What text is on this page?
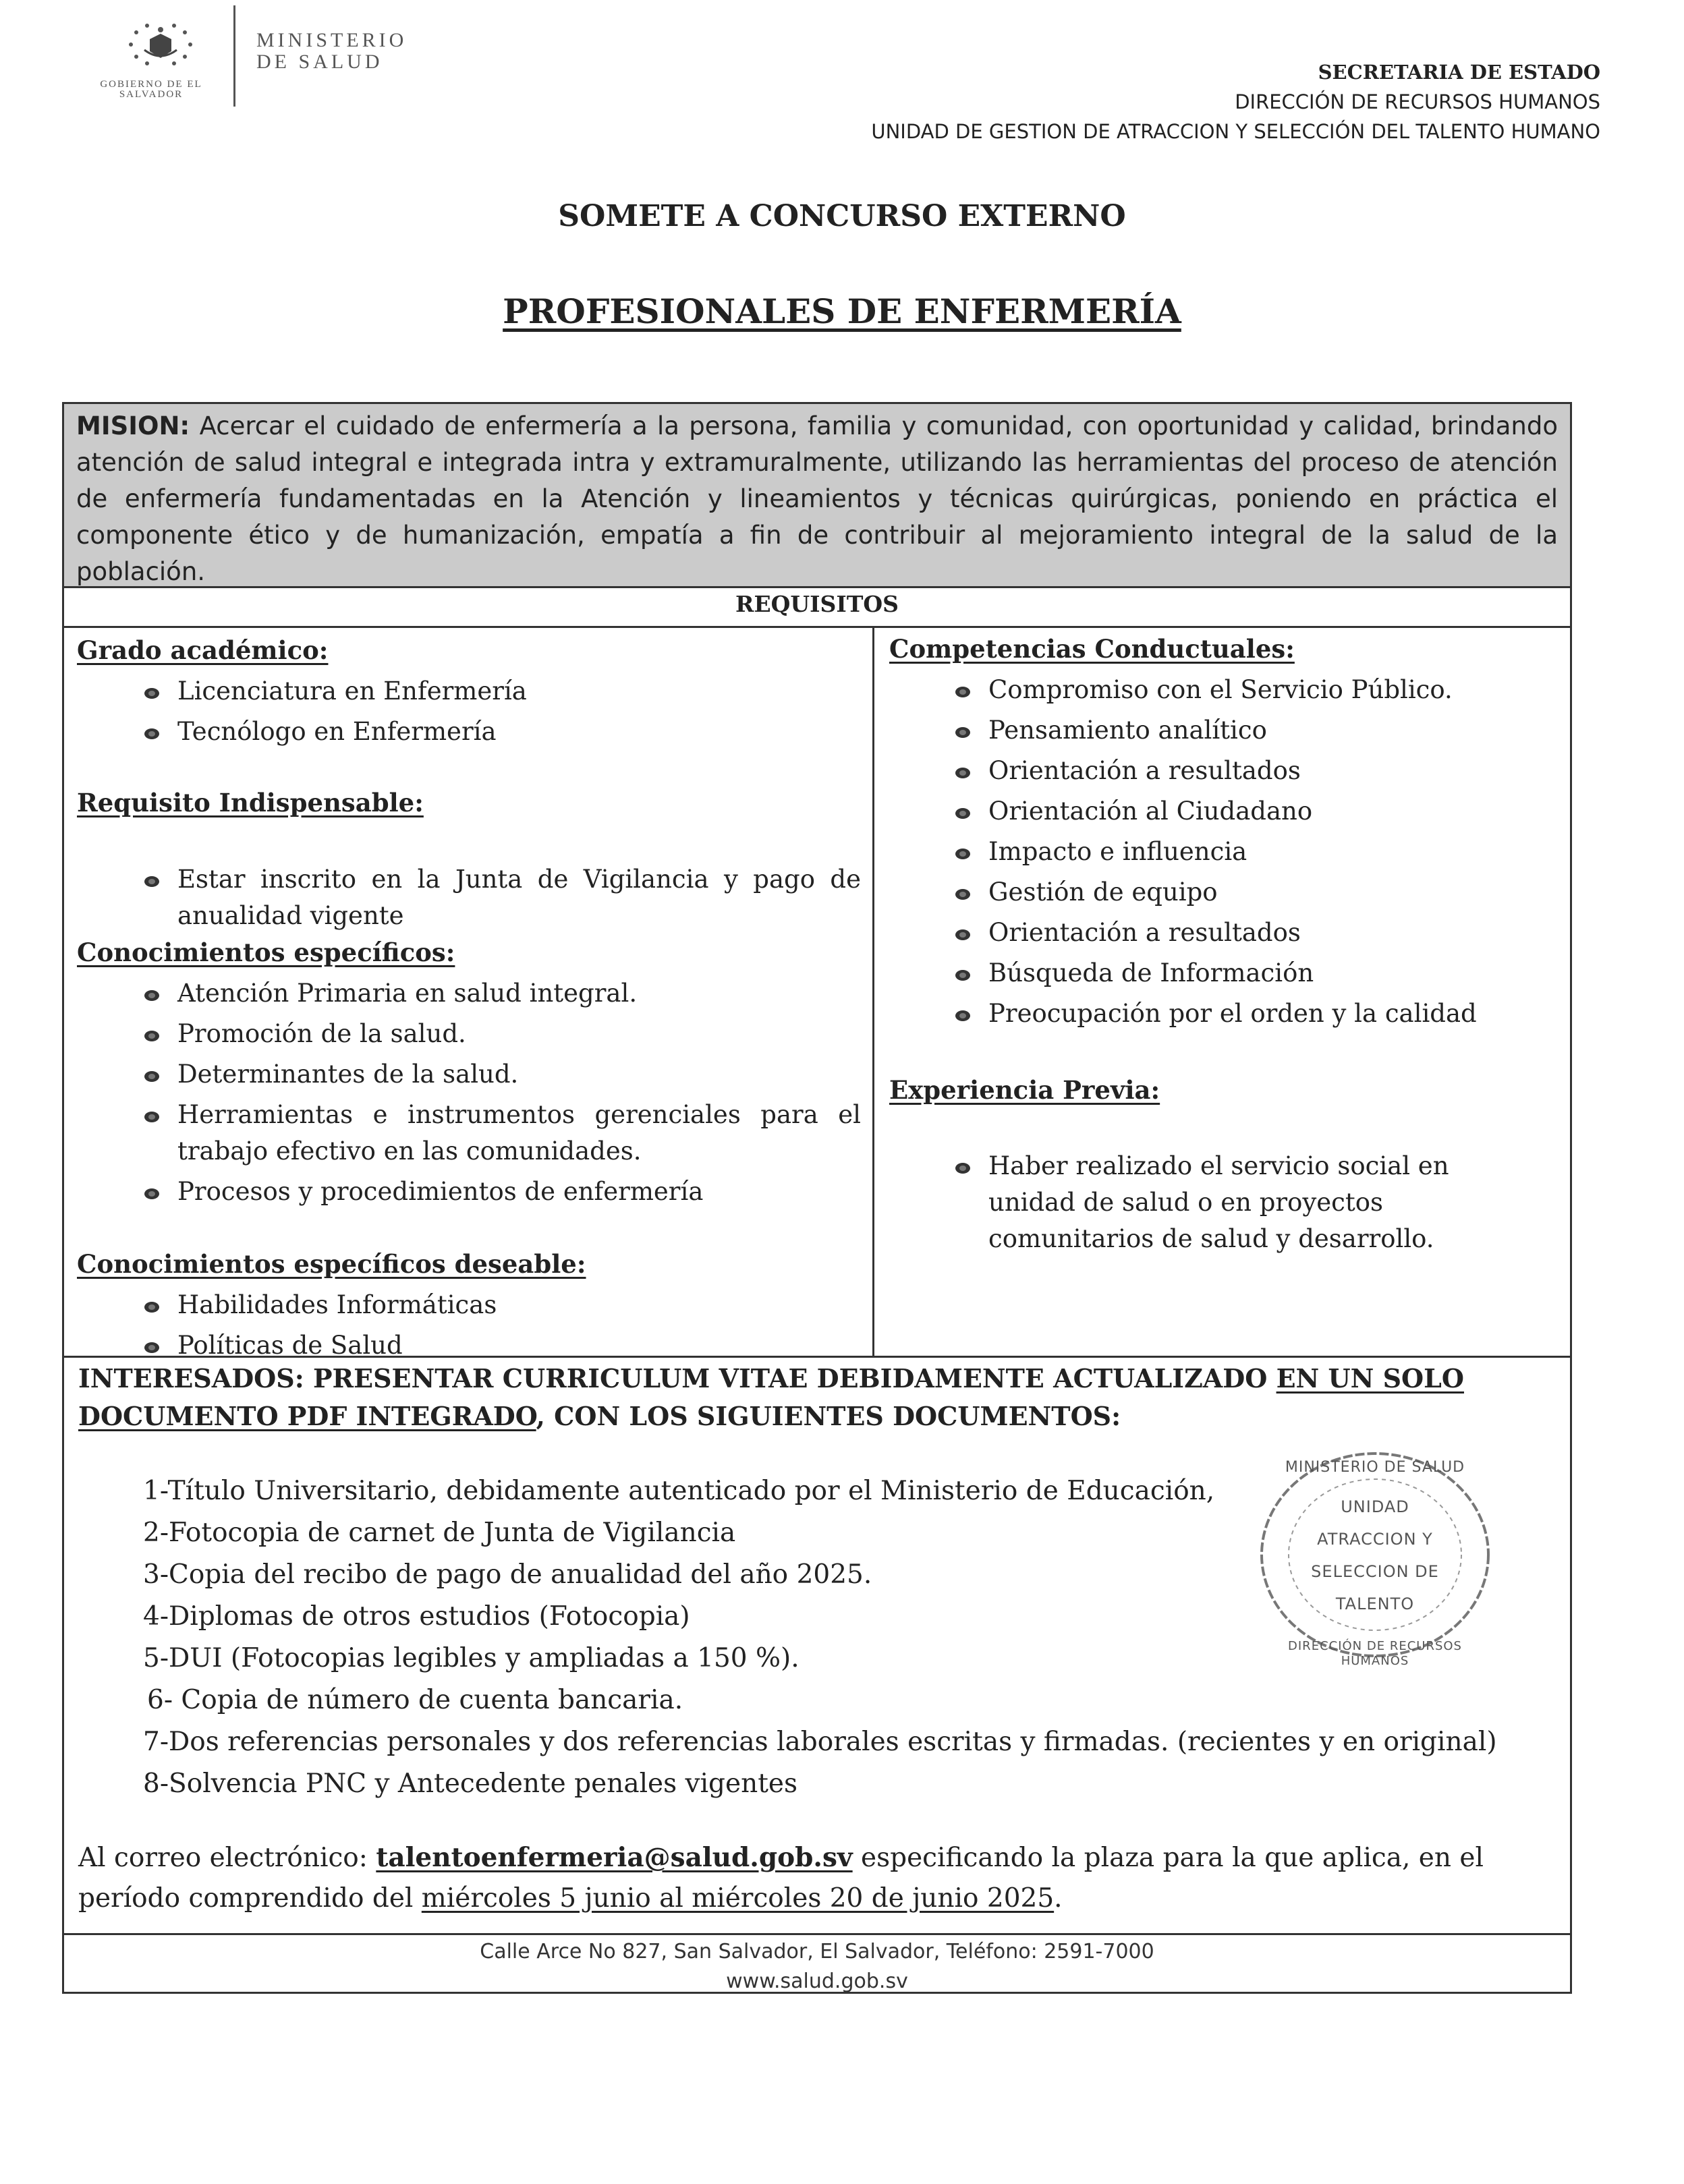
MINISTERIO DE SALUD
GOBIERNO DE EL SALVADOR
SECRETARIA DE ESTADO
DIRECCIÓN DE RECURSOS HUMANOS
UNIDAD DE GESTION DE ATRACCION Y SELECCIÓN DEL TALENTO HUMANO
SOMETE A CONCURSO EXTERNO
PROFESIONALES DE ENFERMERÍA
MISION: Acercar el cuidado de enfermería a la persona, familia y comunidad, con oportunidad y calidad, brindando atención de salud integral e integrada intra y extramuralmente, utilizando las herramientas del proceso de atención de enfermería fundamentadas en la Atención y lineamientos y técnicas quirúrgicas, poniendo en práctica el componente ético y de humanización, empatía a fin de contribuir al mejoramiento integral de la salud de la población.
REQUISITOS
Grado académico:
Licenciatura en Enfermería
Tecnólogo en Enfermería
Requisito Indispensable:
Estar inscrito en la Junta de Vigilancia y pago de anualidad vigente
Conocimientos específicos:
Atención Primaria en salud integral.
Promoción de la salud.
Determinantes de la salud.
Herramientas e instrumentos gerenciales para el trabajo efectivo en las comunidades.
Procesos y procedimientos de enfermería
Conocimientos específicos deseable:
Habilidades Informáticas
Políticas de Salud
Competencias Conductuales:
Compromiso con el Servicio Público.
Pensamiento analítico
Orientación a resultados
Orientación al Ciudadano
Impacto e influencia
Gestión de equipo
Orientación a resultados
Búsqueda de Información
Preocupación por el orden y la calidad
Experiencia Previa:
Haber realizado el servicio social en unidad de salud o en proyectos comunitarios de salud y desarrollo.
INTERESADOS: PRESENTAR CURRICULUM VITAE DEBIDAMENTE ACTUALIZADO EN UN SOLO DOCUMENTO PDF INTEGRADO, CON LOS SIGUIENTES DOCUMENTOS:
1-Título Universitario, debidamente autenticado por el Ministerio de Educación,
2-Fotocopia de carnet de Junta de Vigilancia
3-Copia del recibo de pago de anualidad del año 2025.
4-Diplomas de otros estudios (Fotocopia)
5-DUI (Fotocopias legibles y ampliadas a 150 %).
6- Copia de número de cuenta bancaria.
7-Dos referencias personales y dos referencias laborales escritas y firmadas. (recientes y en original)
8-Solvencia PNC y Antecedente penales vigentes
MINISTERIO DE SALUD
UNIDAD
ATRACCION Y
SELECCION DE
TALENTO
DIRECCIÓN DE RECURSOS HUMANOS
Al correo electrónico: talentoenfermeria@salud.gob.sv especificando la plaza para la que aplica, en el período comprendido del miércoles 5 junio al miércoles 20 de junio 2025.
Calle Arce No 827, San Salvador, El Salvador, Teléfono: 2591-7000
www.salud.gob.sv
